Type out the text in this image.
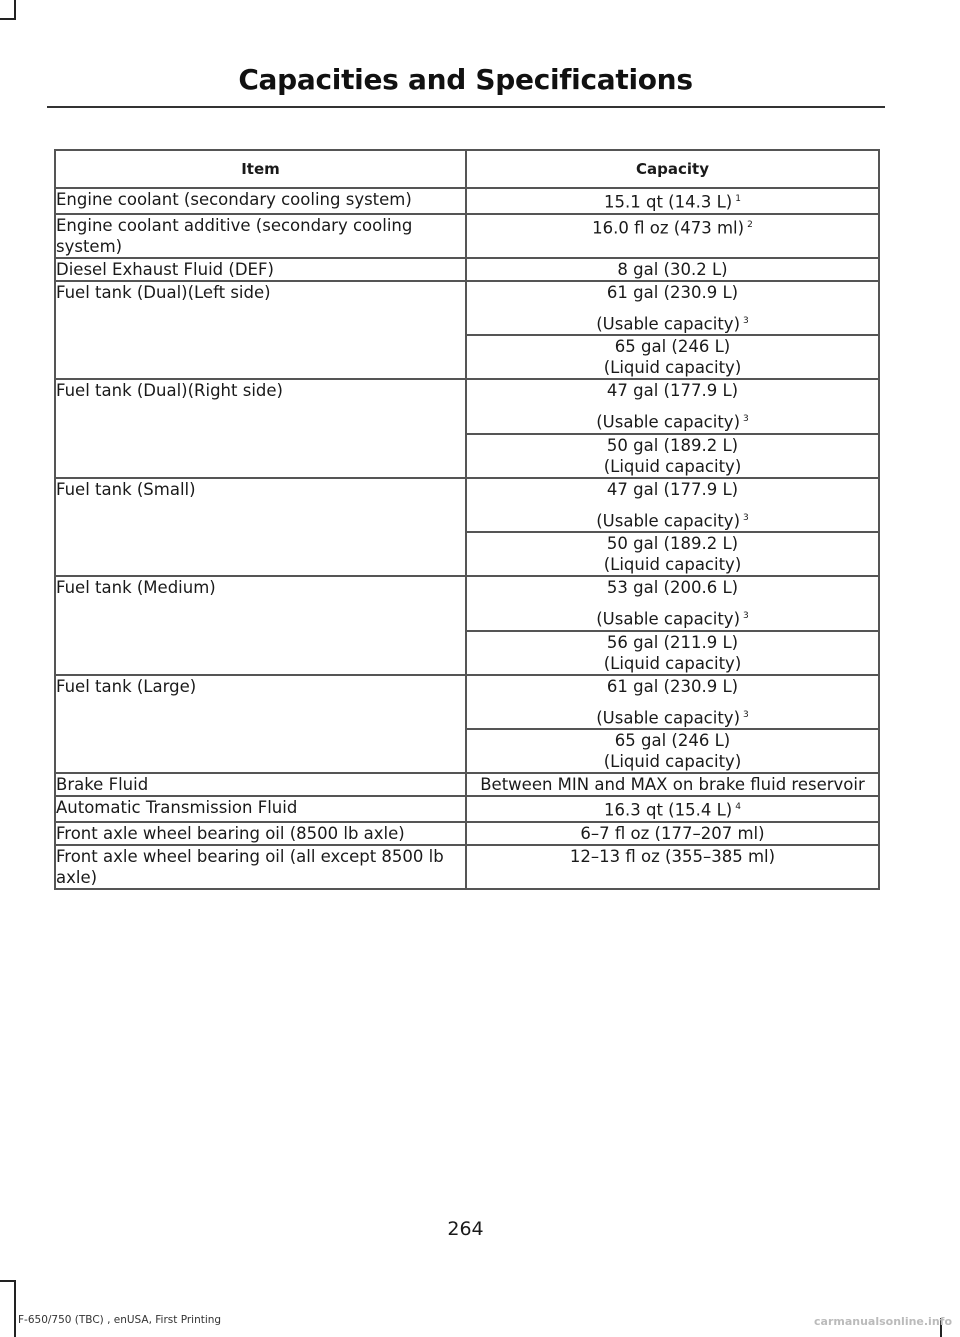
Capacities and Specifications
Item	Capacity
Engine coolant (secondary cooling system)	15.1 qt (14.3 L) $^1$
Engine coolant additive (secondary cooling system)	16.0 fl oz (473 ml) $^2$
Diesel Exhaust Fluid (DEF)	8 gal (30.2 L)
Fuel tank (Dual)(Left side)	61 gal (230.9 L)
(Usable capacity) $^3$
	65 gal (246 L)
(Liquid capacity)

Fuel tank (Dual)(Right side)	47 gal (177.9 L)
(Usable capacity) $^3$
	50 gal (189.2 L)
(Liquid capacity)

Fuel tank (Small)	47 gal (177.9 L)
(Usable capacity) $^3$
	50 gal (189.2 L)
(Liquid capacity)

Fuel tank (Medium)	53 gal (200.6 L)
(Usable capacity) $^3$
	56 gal (211.9 L)
(Liquid capacity)

Fuel tank (Large)	61 gal (230.9 L)
(Usable capacity) $^3$
	65 gal (246 L)
(Liquid capacity)

Brake Fluid	Between MIN and MAX on brake fluid reservoir
Automatic Transmission Fluid	16.3 qt (15.4 L) $^4$
Front axle wheel bearing oil (8500 lb axle)	6–7 fl oz (177–207 ml)
Front axle wheel bearing oil (all except 8500 lb axle)	12–13 fl oz (355–385 ml)
264
F-650/750 (TBC) , enUSA, First Printing	carmanualsonline.info
